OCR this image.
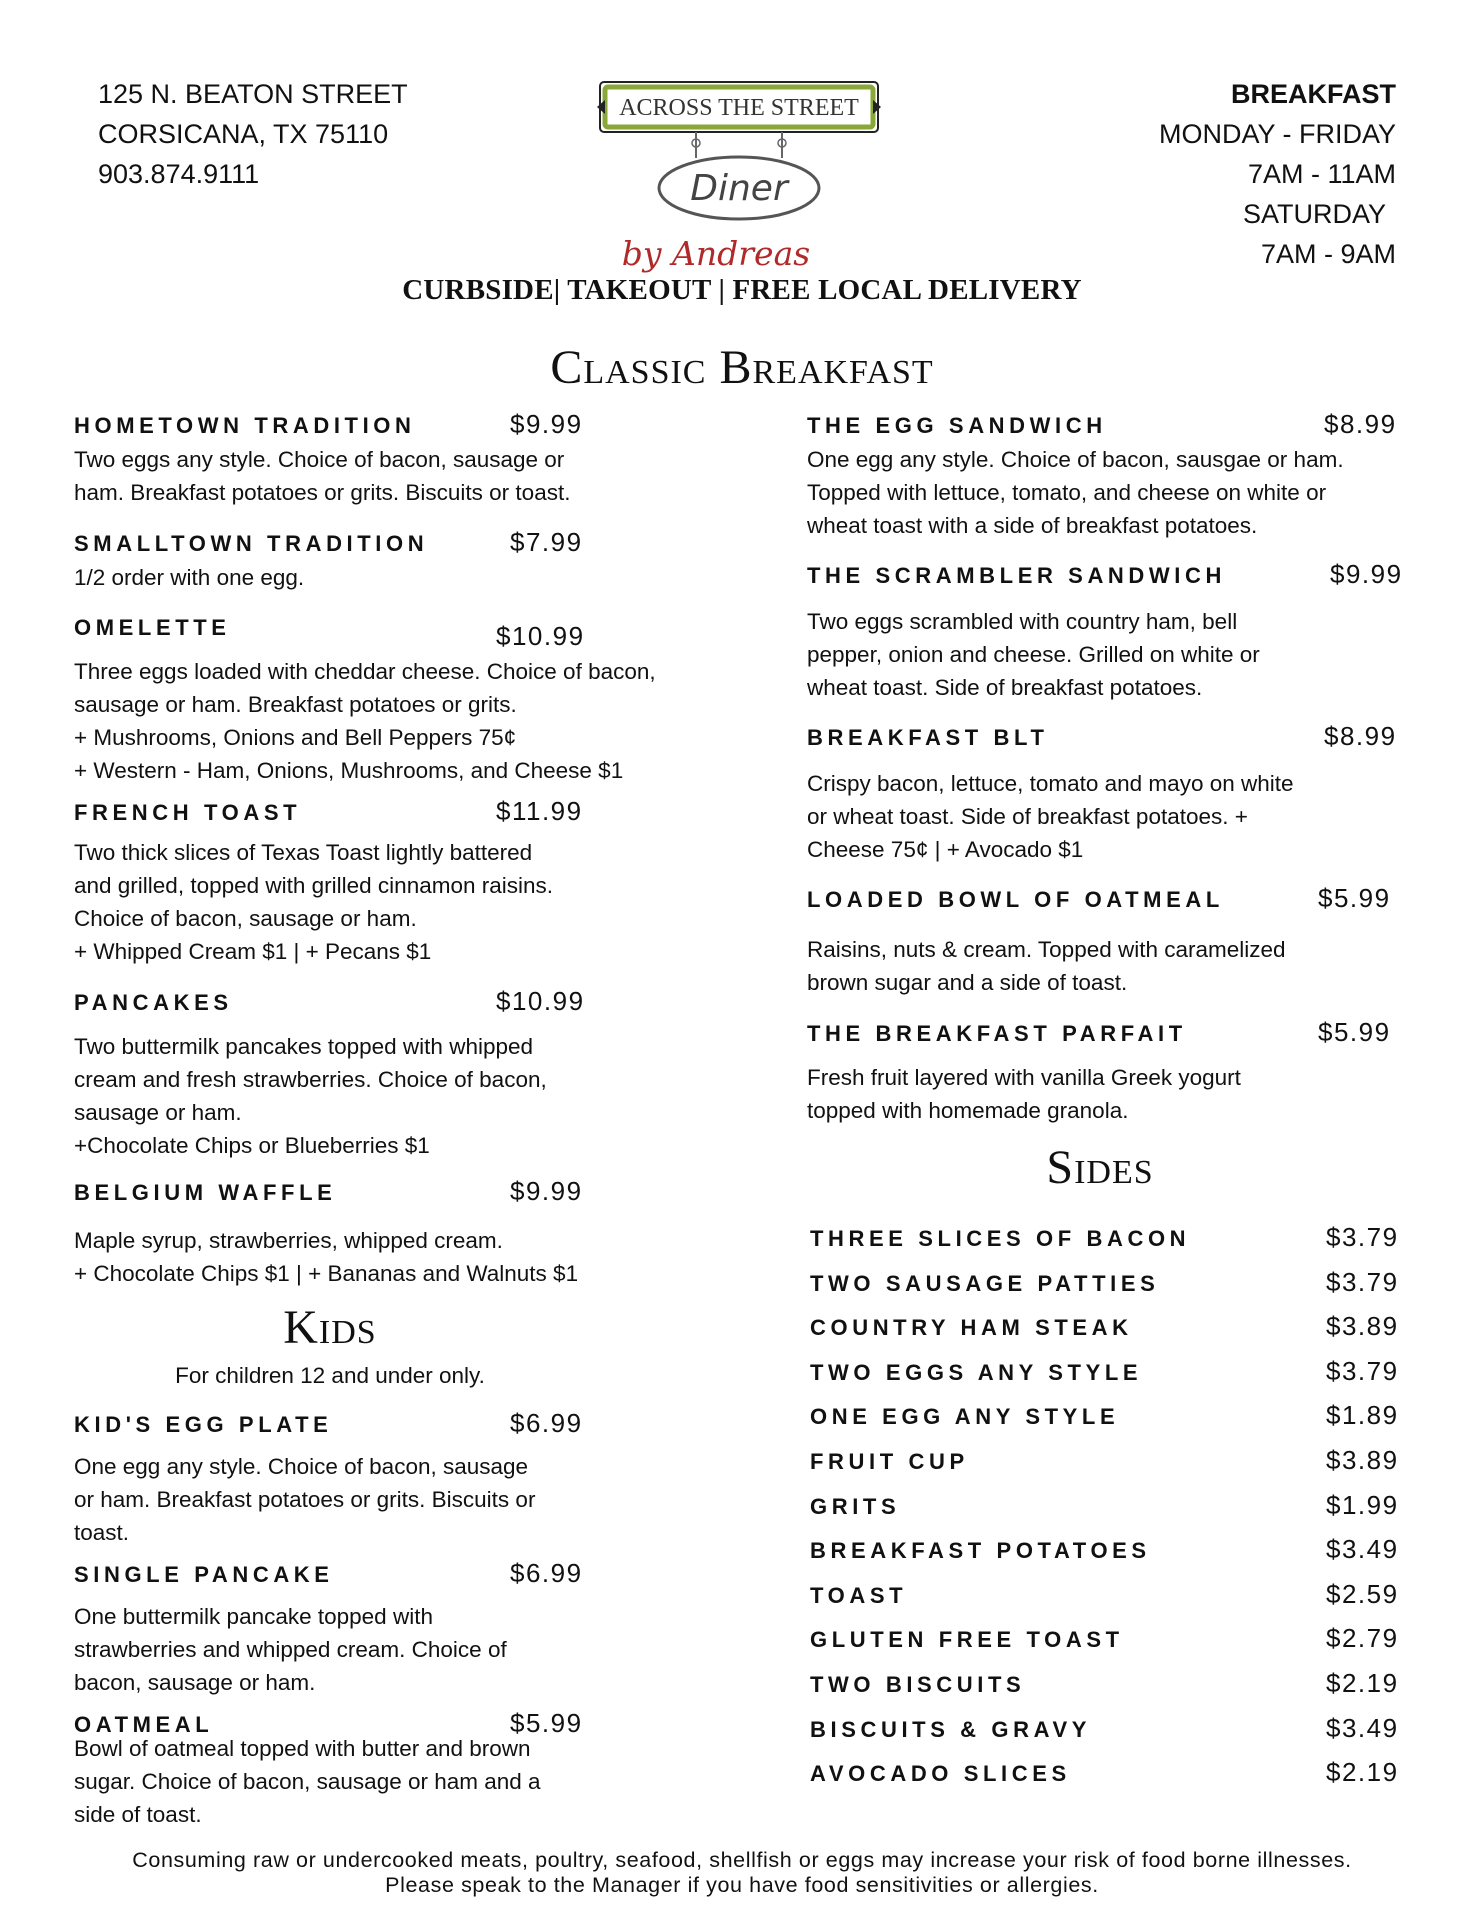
125 N. BEATON STREET
CORSICANA, TX 75110
903.874.9111
ACROSS THE STREET
Diner
by Andreas
BREAKFAST
MONDAY - FRIDAY
7AM - 11AM
SATURDAY
7AM - 9AM
CURBSIDE| TAKEOUT | FREE LOCAL DELIVERY
Classic Breakfast
Kids
For children 12 and under only.
Sides
HOMETOWN TRADITION	$9.99
Two eggs any style. Choice of bacon, sausage or
ham. Breakfast potatoes or grits. Biscuits or toast.
SMALLTOWN TRADITION	$7.99
1/2 order with one egg.
OMELETTE	$10.99
Three eggs loaded with cheddar cheese. Choice of bacon,
sausage or ham. Breakfast potatoes or grits.
+ Mushrooms, Onions and Bell Peppers 75¢
+ Western - Ham, Onions, Mushrooms, and Cheese $1
FRENCH TOAST	$11.99
Two thick slices of Texas Toast lightly battered
and grilled, topped with grilled cinnamon raisins.
Choice of bacon, sausage or ham.
+ Whipped Cream $1 | + Pecans $1
PANCAKES	$10.99
Two buttermilk pancakes topped with whipped
cream and fresh strawberries. Choice of bacon,
sausage or ham.
+Chocolate Chips or Blueberries $1
BELGIUM WAFFLE	$9.99
Maple syrup, strawberries, whipped cream.
+ Chocolate Chips $1 | + Bananas and Walnuts $1
KID'S EGG PLATE	$6.99
One egg any style. Choice of bacon, sausage
or ham. Breakfast potatoes or grits. Biscuits or
toast.
SINGLE PANCAKE	$6.99
One buttermilk pancake topped with
strawberries and whipped cream. Choice of
bacon, sausage or ham.
OATMEAL	$5.99
Bowl of oatmeal topped with butter and brown
sugar. Choice of bacon, sausage or ham and a
side of toast.
THE EGG SANDWICH	$8.99
One egg any style. Choice of bacon, sausgae or ham.
Topped with lettuce, tomato, and cheese on white or
wheat toast with a side of breakfast potatoes.
THE SCRAMBLER SANDWICH	$9.99
Two eggs scrambled with country ham, bell
pepper, onion and cheese. Grilled on white or
wheat toast. Side of breakfast potatoes.
BREAKFAST BLT	$8.99
Crispy bacon, lettuce, tomato and mayo on white
or wheat toast. Side of breakfast potatoes. +
Cheese 75¢ | + Avocado $1
LOADED BOWL OF OATMEAL	$5.99
Raisins, nuts & cream. Topped with caramelized
brown sugar and a side of toast.
THE BREAKFAST PARFAIT	$5.99
Fresh fruit layered with vanilla Greek yogurt
topped with homemade granola.
THREE SLICES OF BACON	$3.79
TWO SAUSAGE PATTIES	$3.79
COUNTRY HAM STEAK	$3.89
TWO EGGS ANY STYLE	$3.79
ONE EGG ANY STYLE	$1.89
FRUIT CUP	$3.89
GRITS	$1.99
BREAKFAST POTATOES	$3.49
TOAST	$2.59
GLUTEN FREE TOAST	$2.79
TWO BISCUITS	$2.19
BISCUITS & GRAVY	$3.49
AVOCADO SLICES	$2.19
Consuming raw or undercooked meats, poultry, seafood, shellfish or eggs may increase your risk of food borne illnesses.
Please speak to the Manager if you have food sensitivities or allergies.
